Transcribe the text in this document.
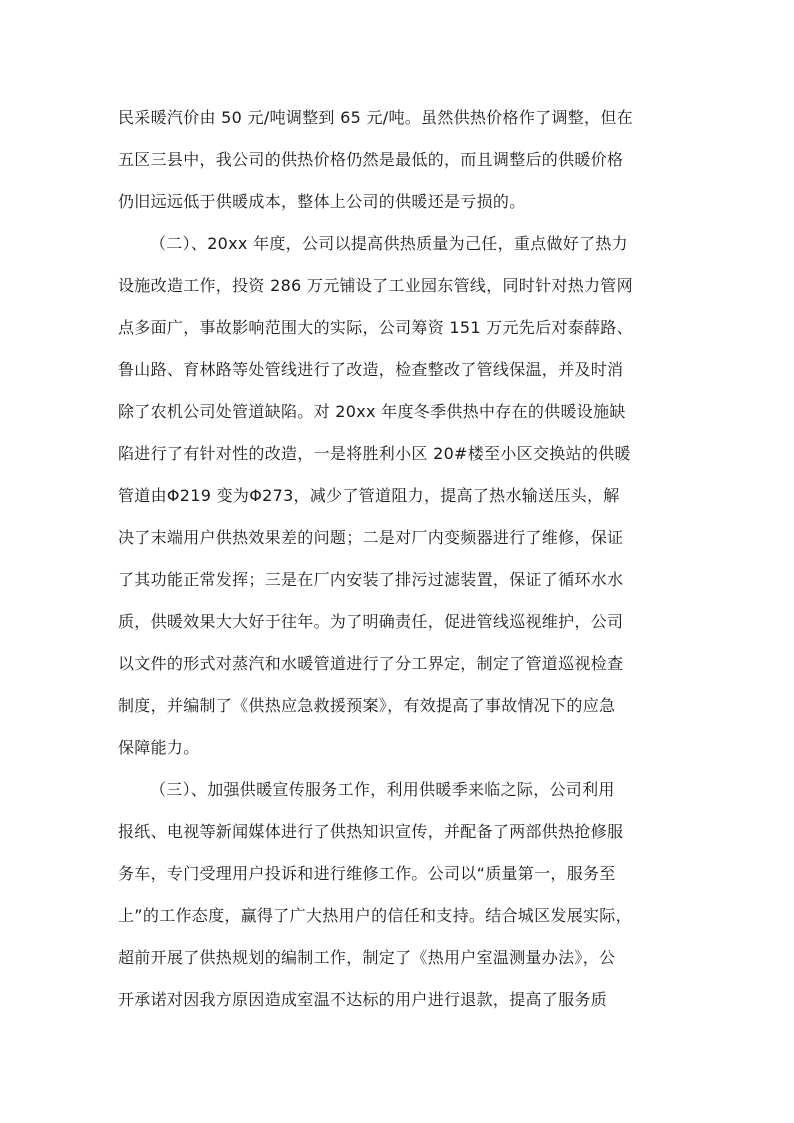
民采暖汽价由 50 元/吨调整到 65 元/吨。虽然供热价格作了调整，但在
五区三县中，我公司的供热价格仍然是最低的，而且调整后的供暖价格
仍旧远远低于供暖成本，整体上公司的供暖还是亏损的。
（二）、20xx 年度，公司以提高供热质量为己任，重点做好了热力
设施改造工作，投资 286 万元铺设了工业园东管线，同时针对热力管网
点多面广，事故影响范围大的实际，公司筹资 151 万元先后对泰薛路、
鲁山路、育林路等处管线进行了改造，检查整改了管线保温，并及时消
除了农机公司处管道缺陷。对 20xx 年度冬季供热中存在的供暖设施缺
陷进行了有针对性的改造，一是将胜利小区 20#楼至小区交换站的供暖
管道由Φ219 变为Φ273，减少了管道阻力，提高了热水输送压头，解
决了末端用户供热效果差的问题；二是对厂内变频器进行了维修，保证
了其功能正常发挥；三是在厂内安装了排污过滤装置，保证了循环水水
质，供暖效果大大好于往年。为了明确责任，促进管线巡视维护，公司
以文件的形式对蒸汽和水暖管道进行了分工界定，制定了管道巡视检查
制度，并编制了《供热应急救援预案》，有效提高了事故情况下的应急
保障能力。
（三）、加强供暖宣传服务工作，利用供暖季来临之际，公司利用
报纸、电视等新闻媒体进行了供热知识宣传，并配备了两部供热抢修服
务车，专门受理用户投诉和进行维修工作。公司以“质量第一，服务至
上”的工作态度，赢得了广大热用户的信任和支持。结合城区发展实际，
超前开展了供热规划的编制工作，制定了《热用户室温测量办法》，公
开承诺对因我方原因造成室温不达标的用户进行退款，提高了服务质
